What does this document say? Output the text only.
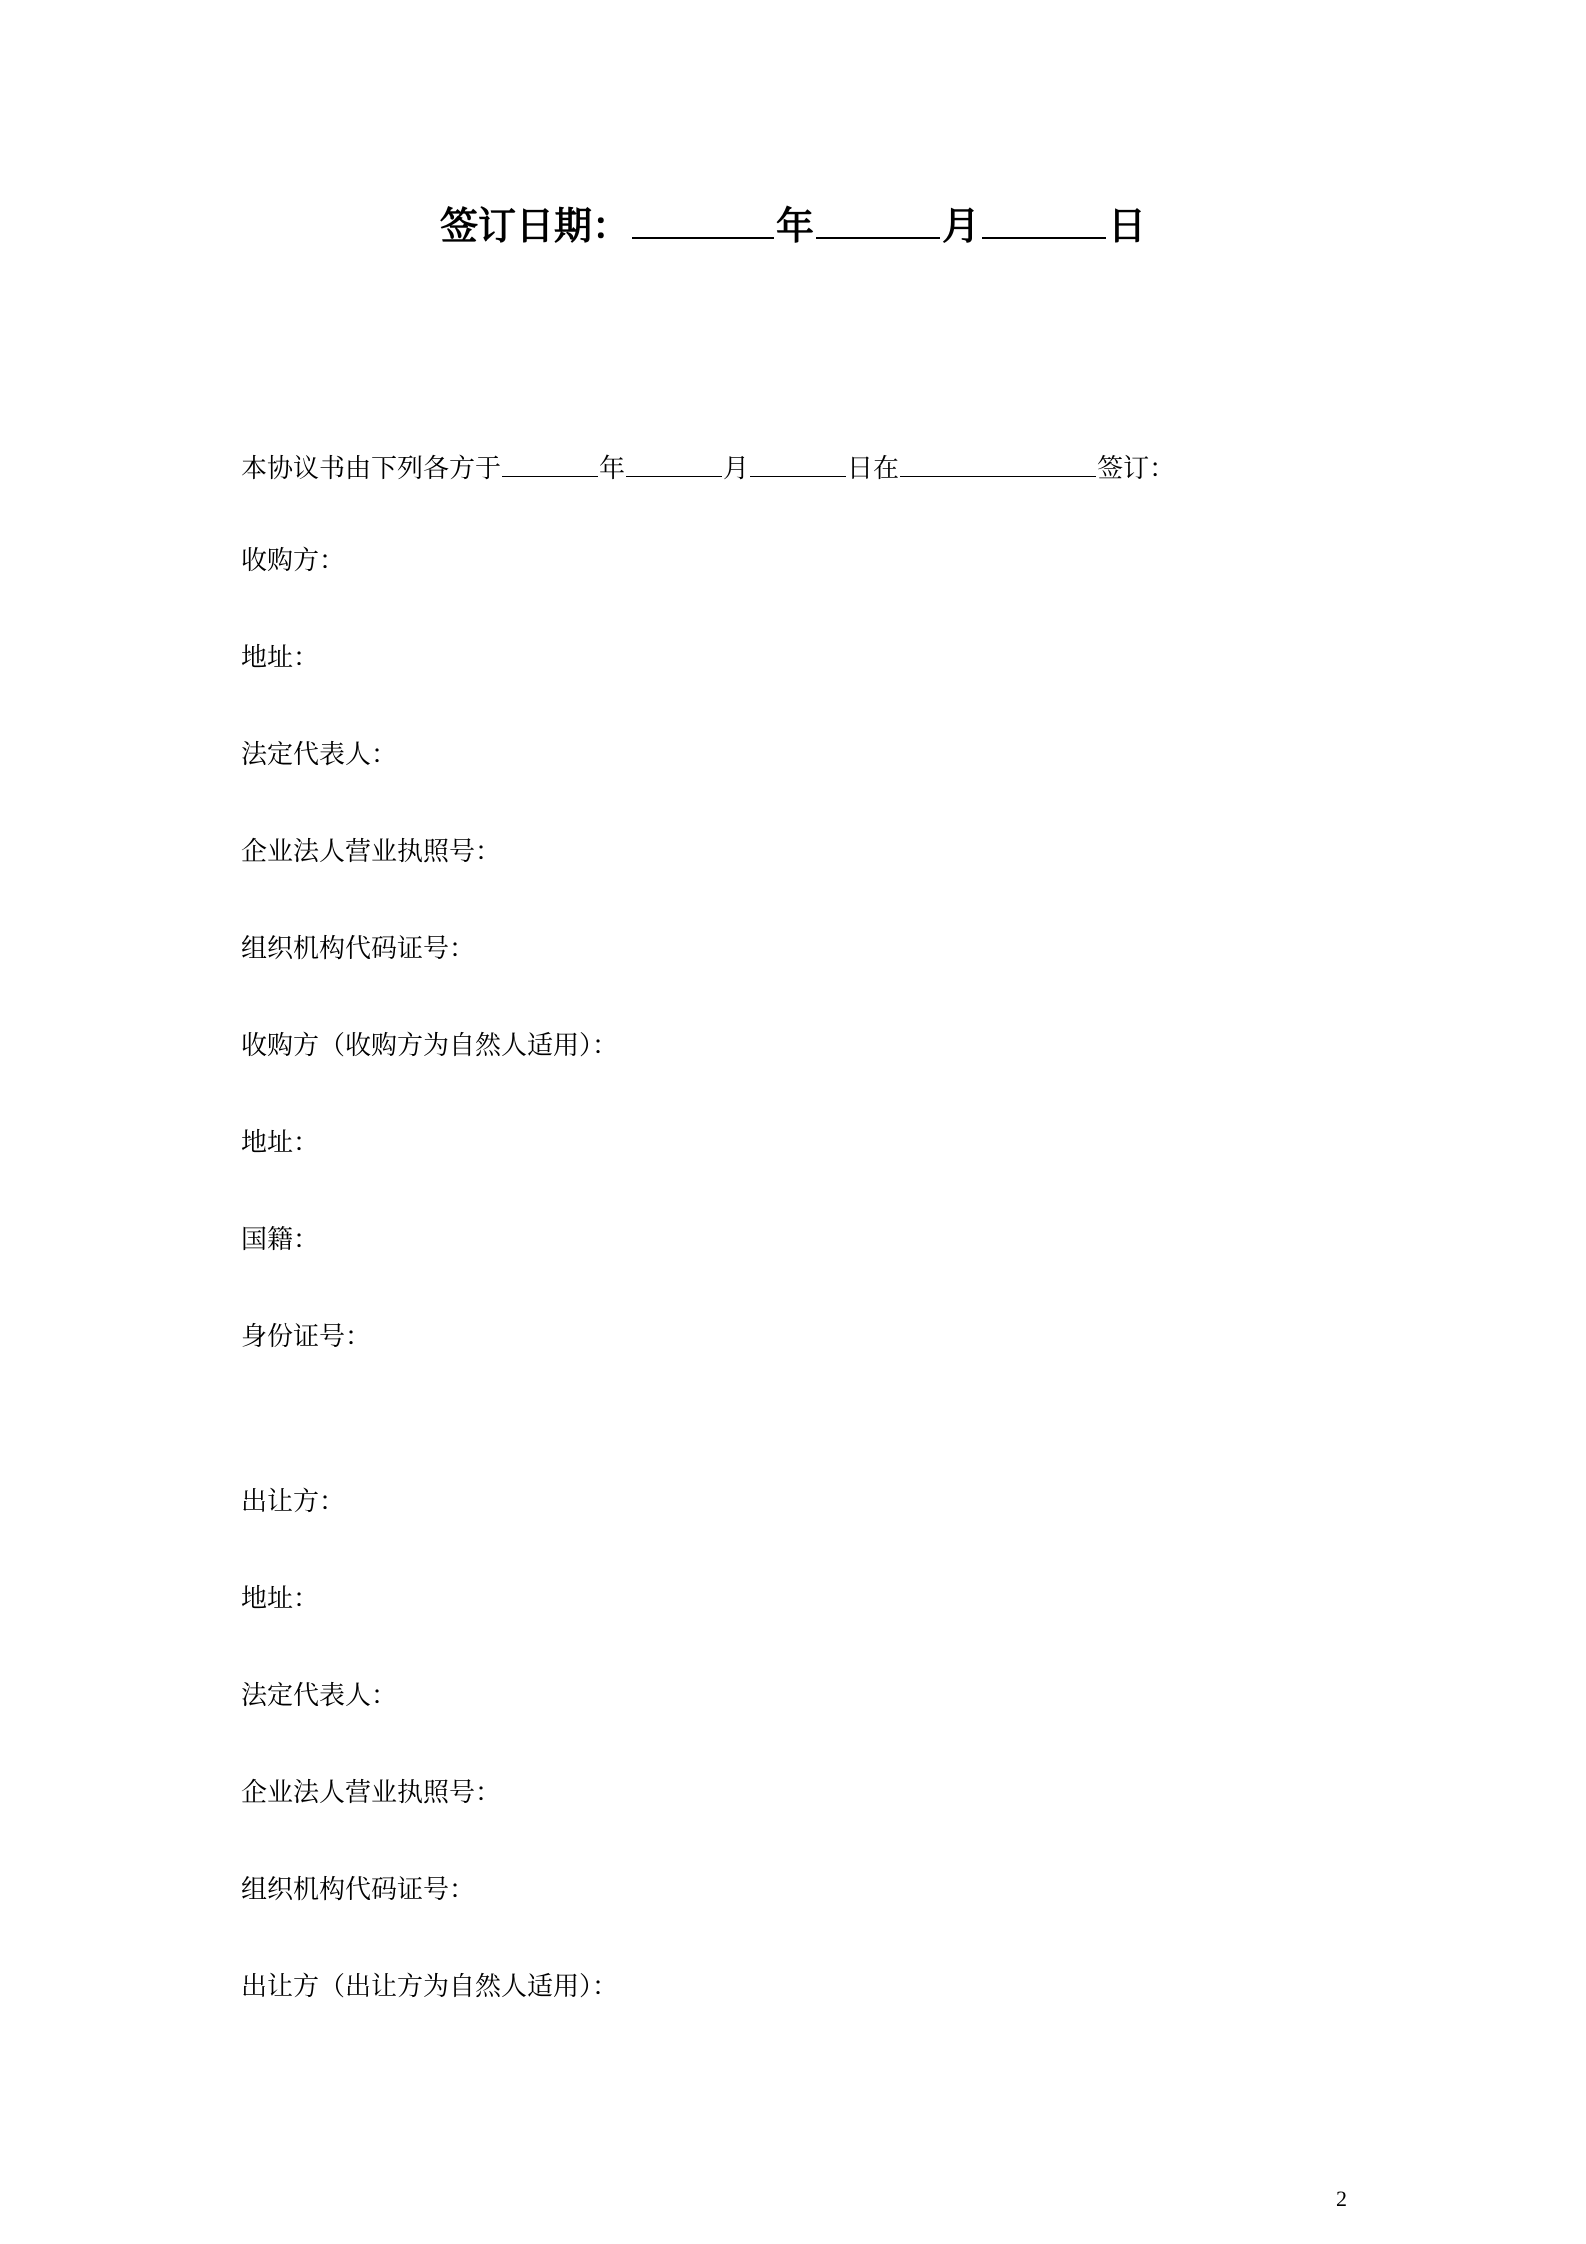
签订日期：	年	月	日
本协议书由下列各方于	年	月	日在	签订：
收购方：
地址：
法定代表人：
企业法人营业执照号：
组织机构代码证号：
收购方（收购方为自然人适用）：
地址：
国籍：
身份证号：
出让方：
地址：
法定代表人：
企业法人营业执照号：
组织机构代码证号：
出让方（出让方为自然人适用）：
2
